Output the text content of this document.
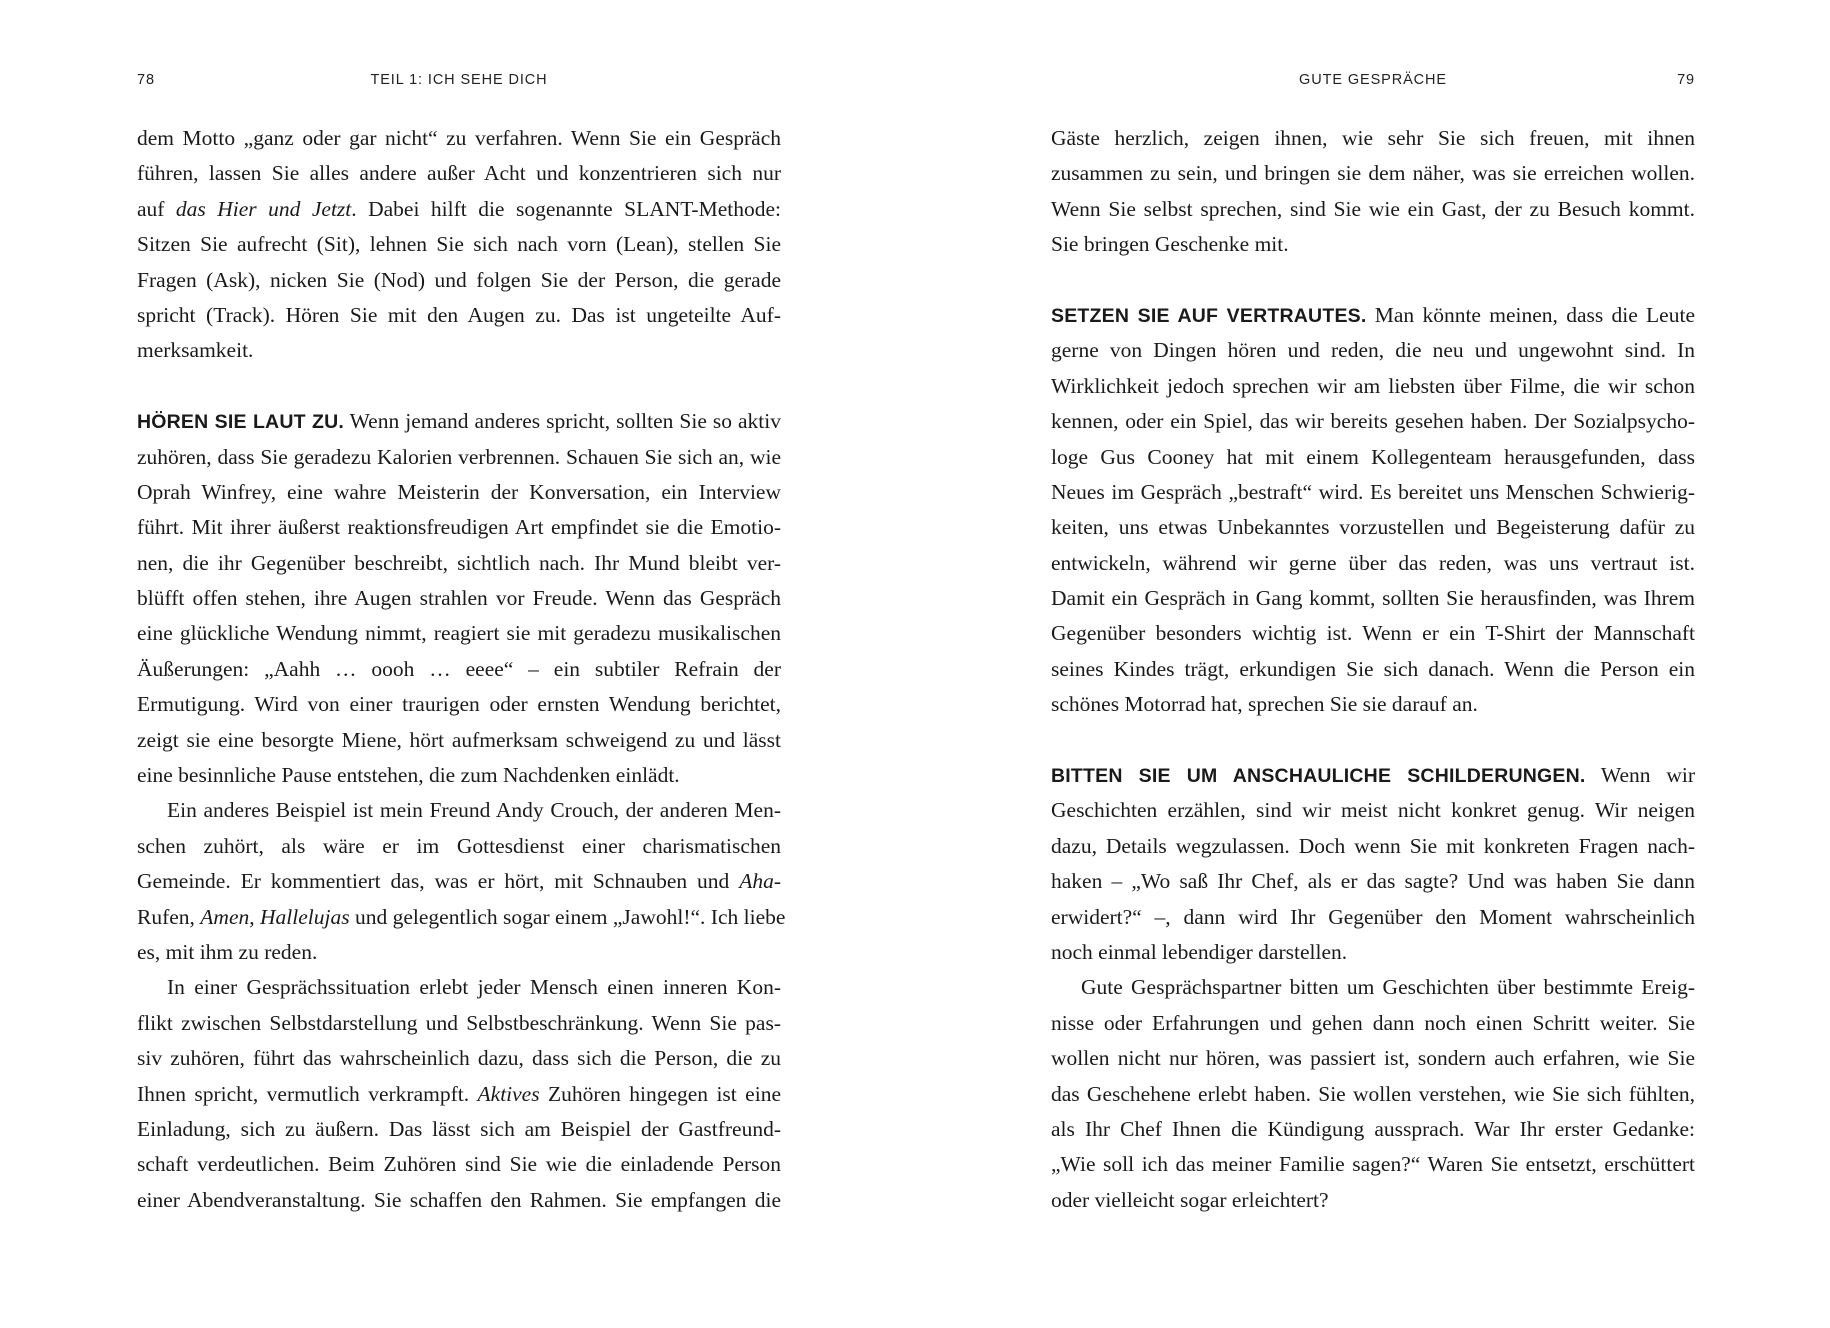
78	TEIL 1: ICH SEHE DICH
dem Motto „ganz oder gar nicht“ zu verfahren. Wenn Sie ein Gespräch
führen, lassen Sie alles andere außer Acht und konzentrieren sich nur
auf das Hier und Jetzt. Dabei hilft die sogenannte SLANT-Methode:
Sitzen Sie aufrecht (Sit), lehnen Sie sich nach vorn (Lean), stellen Sie
Fragen (Ask), nicken Sie (Nod) und folgen Sie der Person, die gerade
spricht (Track). Hören Sie mit den Augen zu. Das ist ungeteilte Auf-
merksamkeit.
HÖREN SIE LAUT ZU. Wenn jemand anderes spricht, sollten Sie so aktiv
zuhören, dass Sie geradezu Kalorien verbrennen. Schauen Sie sich an, wie
Oprah Winfrey, eine wahre Meisterin der Konversation, ein Interview
führt. Mit ihrer äußerst reaktionsfreudigen Art empfindet sie die Emotio-
nen, die ihr Gegenüber beschreibt, sichtlich nach. Ihr Mund bleibt ver-
blüfft offen stehen, ihre Augen strahlen vor Freude. Wenn das Gespräch
eine glückliche Wendung nimmt, reagiert sie mit geradezu musikalischen
Äußerungen: „Aahh … oooh … eeee“ – ein subtiler Refrain der
Ermutigung. Wird von einer traurigen oder ernsten Wendung berichtet,
zeigt sie eine besorgte Miene, hört aufmerksam schweigend zu und lässt
eine besinnliche Pause entstehen, die zum Nachdenken einlädt.
Ein anderes Beispiel ist mein Freund Andy Crouch, der anderen Men-
schen zuhört, als wäre er im Gottesdienst einer charismatischen
Gemeinde. Er kommentiert das, was er hört, mit Schnauben und Aha-
Rufen, Amen, Hallelujas und gelegentlich sogar einem „Jawohl!“. Ich liebe
es, mit ihm zu reden.
In einer Gesprächssituation erlebt jeder Mensch einen inneren Kon-
flikt zwischen Selbstdarstellung und Selbstbeschränkung. Wenn Sie pas-
siv zuhören, führt das wahrscheinlich dazu, dass sich die Person, die zu
Ihnen spricht, vermutlich verkrampft. Aktives Zuhören hingegen ist eine
Einladung, sich zu äußern. Das lässt sich am Beispiel der Gastfreund-
schaft verdeutlichen. Beim Zuhören sind Sie wie die einladende Person
einer Abendveranstaltung. Sie schaffen den Rahmen. Sie empfangen die
GUTE GESPRÄCHE	79
Gäste herzlich, zeigen ihnen, wie sehr Sie sich freuen, mit ihnen
zusammen zu sein, und bringen sie dem näher, was sie erreichen wollen.
Wenn Sie selbst sprechen, sind Sie wie ein Gast, der zu Besuch kommt.
Sie bringen Geschenke mit.
SETZEN SIE AUF VERTRAUTES. Man könnte meinen, dass die Leute
gerne von Dingen hören und reden, die neu und ungewohnt sind. In
Wirklichkeit jedoch sprechen wir am liebsten über Filme, die wir schon
kennen, oder ein Spiel, das wir bereits gesehen haben. Der Sozialpsycho-
loge Gus Cooney hat mit einem Kollegenteam herausgefunden, dass
Neues im Gespräch „bestraft“ wird. Es bereitet uns Menschen Schwierig-
keiten, uns etwas Unbekanntes vorzustellen und Begeisterung dafür zu
entwickeln, während wir gerne über das reden, was uns vertraut ist.
Damit ein Gespräch in Gang kommt, sollten Sie herausfinden, was Ihrem
Gegenüber besonders wichtig ist. Wenn er ein T-Shirt der Mannschaft
seines Kindes trägt, erkundigen Sie sich danach. Wenn die Person ein
schönes Motorrad hat, sprechen Sie sie darauf an.
BITTEN SIE UM ANSCHAULICHE SCHILDERUNGEN. Wenn wir
Geschichten erzählen, sind wir meist nicht konkret genug. Wir neigen
dazu, Details wegzulassen. Doch wenn Sie mit konkreten Fragen nach-
haken – „Wo saß Ihr Chef, als er das sagte? Und was haben Sie dann
erwidert?“ –, dann wird Ihr Gegenüber den Moment wahrscheinlich
noch einmal lebendiger darstellen.
Gute Gesprächspartner bitten um Geschichten über bestimmte Ereig-
nisse oder Erfahrungen und gehen dann noch einen Schritt weiter. Sie
wollen nicht nur hören, was passiert ist, sondern auch erfahren, wie Sie
das Geschehene erlebt haben. Sie wollen verstehen, wie Sie sich fühlten,
als Ihr Chef Ihnen die Kündigung aussprach. War Ihr erster Gedanke:
„Wie soll ich das meiner Familie sagen?“ Waren Sie entsetzt, erschüttert
oder vielleicht sogar erleichtert?
